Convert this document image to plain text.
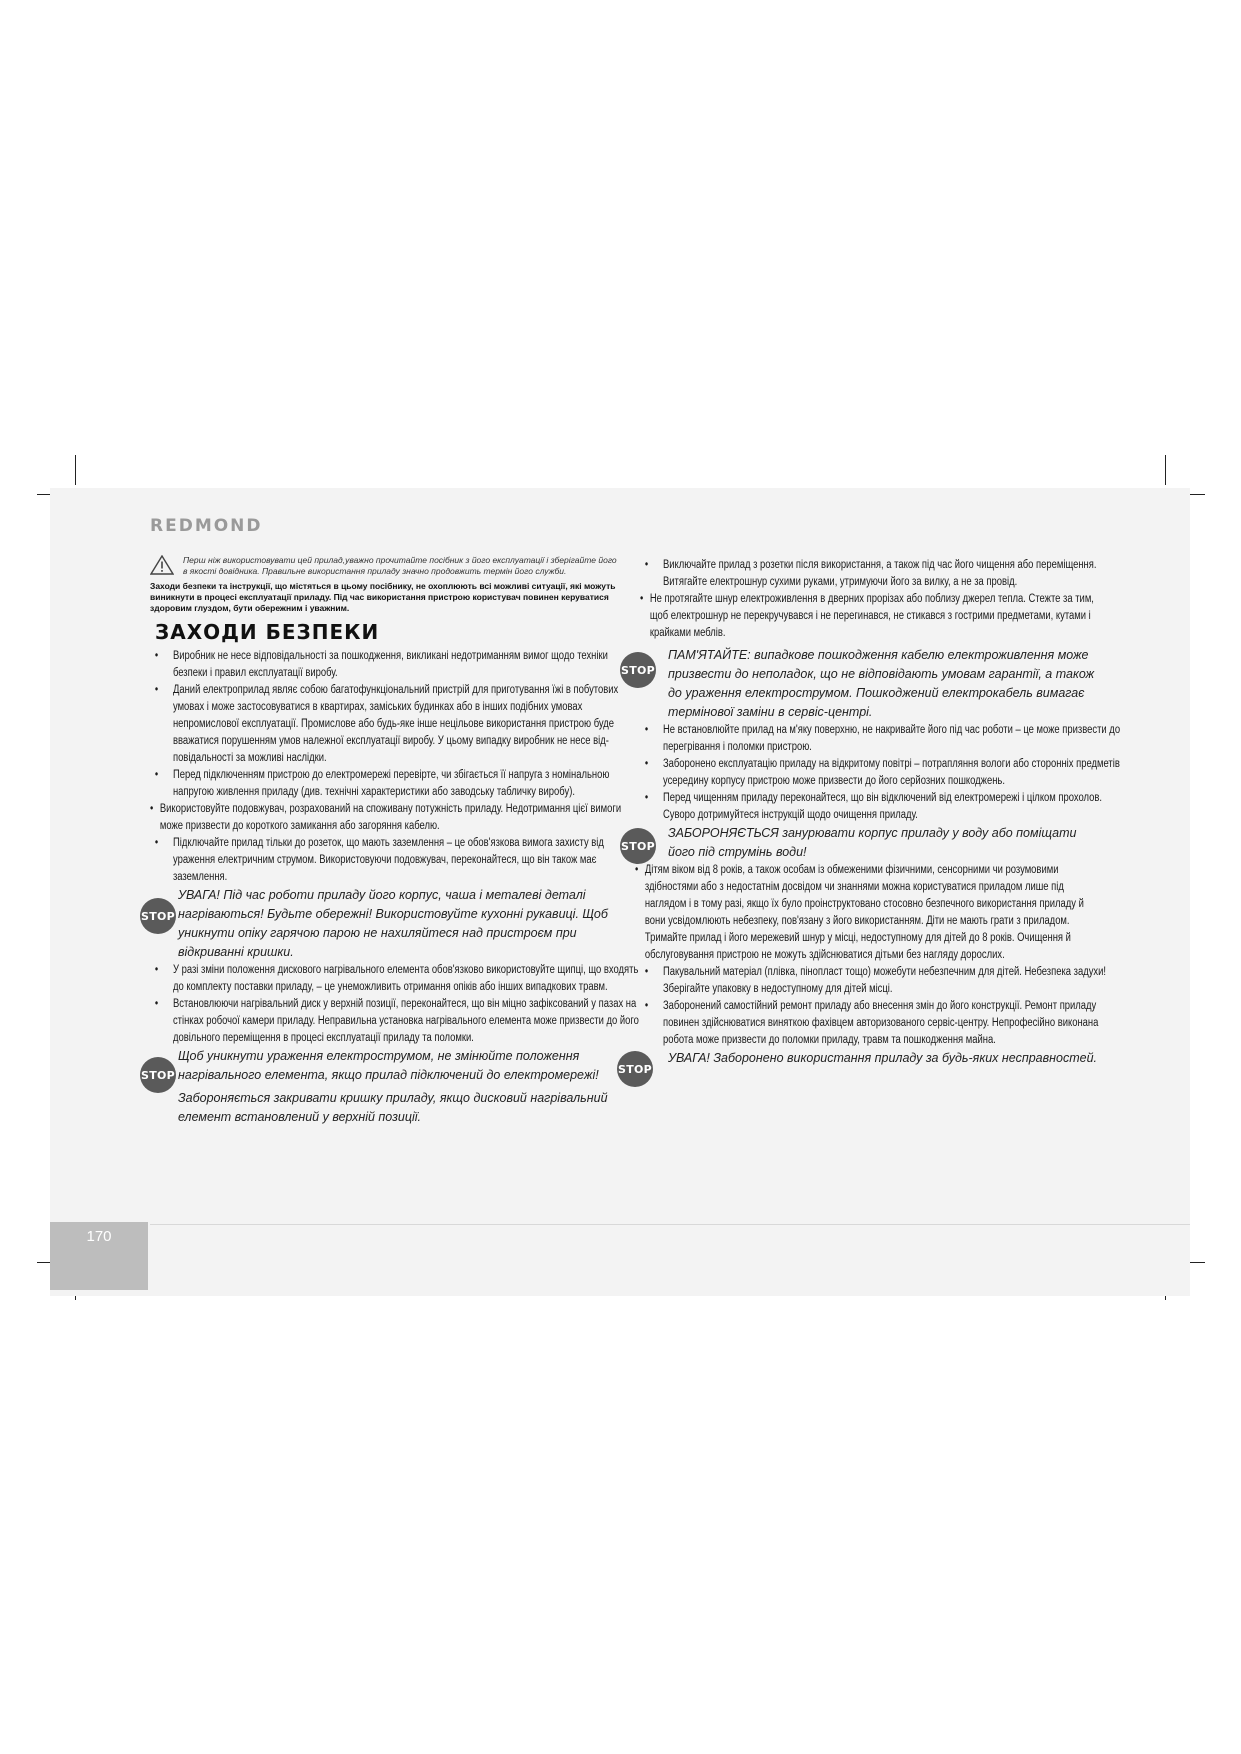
REDMOND

Перш ніж використовувати цей прилад,уважно прочитайте посібник з його експлуатації і зберігайте його в якості довідника. Правильне використання приладу значно продовжить термін його служби.

Заходи безпеки та інструкції, що містяться в цьому посібнику, не охоплюють всі можливі ситуації, які можуть виникнути в процесі експлуатації приладу. Під час використання пристрою користувач повинен керуватися здоровим глуздом, бути обережним і уважним.

ЗАХОДИ БЕЗПЕКИ

• Виробник не несе відповідальності за пошкодження, викликані недотриманням вимог щодо техніки безпеки і правил експлуатації виробу.

• Даний електроприлад являє собою багатофункціональний пристрій для приготування їжі в побутових умовах і може застосовуватися в квартирах, заміських будинках або в інших подібних умовах непромислової експлуатації. Промислове або будь-яке інше нецільове використання пристрою буде вважатися порушенням умов належної експлуатації виробу. У цьому випадку виробник не несе відповідальності за можливі наслідки.

• Перед підключенням пристрою до електромережі перевірте, чи збігається її напруга з номінальною напругою живлення приладу (див. технічні характеристики або заводську табличку виробу).

• Використовуйте подовжувач, розрахований на споживану потужність приладу. Недотримання цієї вимоги може призвести до короткого замикання або загоряння кабелю.

• Підключайте прилад тільки до розеток, що мають заземлення – це обов'язкова вимога захисту від ураження електричним струмом. Використовуючи подовжувач, переконайтеся, що він також має заземлення.

STOP

УВАГА! Під час роботи приладу його корпус, чаша і металеві деталі нагріваються! Будьте обережні! Використовуйте кухонні рукавиці. Щоб уникнути опіку гарячою парою не нахиляйтеся над пристроєм при відкриванні кришки.

• У разі зміни положення дискового нагрівального елемента обов'язково використовуйте щипці, що входять до комплекту поставки приладу, – це унеможливить отримання опіків або інших випадкових травм.

• Встановлюючи нагрівальний диск у верхній позиції, переконайтеся, що він міцно зафіксований у пазах на стінках робочої камери приладу. Неправильна установка нагрівального елемента може призвести до його довільного переміщення в процесі експлуатації приладу та поломки.

STOP

Щоб уникнути ураження електрострумом, не змінюйте положення нагрівального елемента, якщо прилад підключений до електромережі!

Забороняється закривати кришку приладу, якщо дисковий нагрівальний елемент встановлений у верхній позиції.

• Виключайте прилад з розетки після використання, а також під час його чищення або переміщення. Витягайте електрошнур сухими руками, утримуючи його за вилку, а не за провід.

• Не протягайте шнур електроживлення в дверних прорізах або поблизу джерел тепла. Стежте за тим, щоб електрошнур не перекручувався і не перегинався, не стикався з гострими предметами, кутами і крайками меблів.

STOP

ПАМ'ЯТАЙТЕ: випадкове пошкодження кабелю електроживлення може призвести до неполадок, що не відповідають умовам гарантії, а також до ураження електрострумом. Пошкоджений електрокабель вимагає термінової заміни в сервіс-центрі.

• Не встановлюйте прилад на м'яку поверхню, не накривайте його під час роботи – це може призвести до перегрівання і поломки пристрою.

• Заборонено експлуатацію приладу на відкритому повітрі – потрапляння вологи або сторонніх предметів усередину корпусу пристрою може призвести до його серйозних пошкоджень.

• Перед чищенням приладу переконайтеся, що він відключений від електромережі і цілком прохолов. Суворо дотримуйтеся інструкцій щодо очищення приладу.

STOP

ЗАБОРОНЯЄТЬСЯ занурювати корпус приладу у воду або поміщати його під струмінь води!

• Дітям віком від 8 років, а також особам із обмеженими фізичними, сенсорними чи розумовими здібностями або з недостатнім досвідом чи знаннями можна користуватися приладом лише під наглядом і в тому разі, якщо їх було проінструктовано стосовно безпечного використання приладу й вони усвідомлюють небезпеку, пов'язану з його використанням. Діти не мають грати з приладом. Тримайте прилад і його мережевий шнур у місці, недоступному для дітей до 8 років. Очищення й обслуговування пристрою не можуть здійснюватися дітьми без нагляду дорослих.

• Пакувальний матеріал (плівка, пінопласт тощо) можебути небезпечним для дітей. Небезпека задухи! Зберігайте упаковку в недоступному для дітей місці.

• Заборонений самостійний ремонт приладу або внесення змін до його конструкції. Ремонт приладу повинен здійснюватися виняткою фахівцем авторизованого сервіс-центру. Непрофесійно виконана робота може призвести до поломки приладу, травм та пошкодження майна.

STOP

УВАГА! Заборонено використання приладу за будь-яких несправностей.

170
